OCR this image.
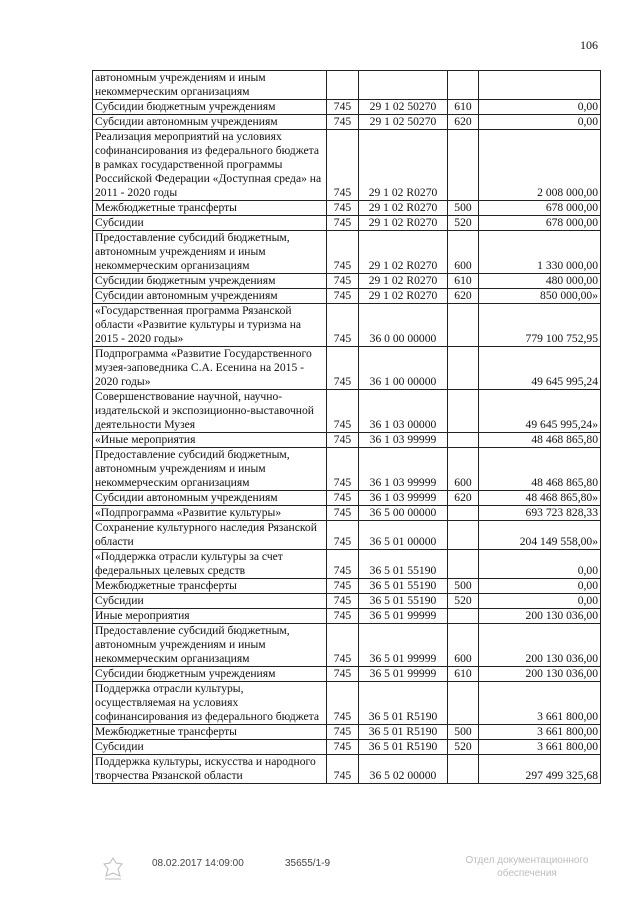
106
автономным учреждениям и иным некоммерческим организациям				
Субсидии бюджетным учреждениям	745	29 1 02 50270	610	0,00
Субсидии автономным учреждениям	745	29 1 02 50270	620	0,00
Реализация мероприятий на условиях софинансирования из федерального бюджета в рамках государственной программы Российской Федерации «Доступная среда» на 2011 - 2020 годы	745	29 1 02 R0270		2 008 000,00
Межбюджетные трансферты	745	29 1 02 R0270	500	678 000,00
Субсидии	745	29 1 02 R0270	520	678 000,00
Предоставление субсидий бюджетным, автономным учреждениям и иным некоммерческим организациям	745	29 1 02 R0270	600	1 330 000,00
Субсидии бюджетным учреждениям	745	29 1 02 R0270	610	480 000,00
Субсидии автономным учреждениям	745	29 1 02 R0270	620	850 000,00»
«Государственная программа Рязанской области «Развитие культуры и туризма на 2015 - 2020 годы»	745	36 0 00 00000		779 100 752,95
Подпрограмма «Развитие Государственного музея-заповедника С.А. Есенина на 2015 - 2020 годы»	745	36 1 00 00000		49 645 995,24
Совершенствование научной, научно-издательской и экспозиционно-выставочной деятельности Музея	745	36 1 03 00000		49 645 995,24»
«Иные мероприятия	745	36 1 03 99999		48 468 865,80
Предоставление субсидий бюджетным, автономным учреждениям и иным некоммерческим организациям	745	36 1 03 99999	600	48 468 865,80
Субсидии автономным учреждениям	745	36 1 03 99999	620	48 468 865,80»
«Подпрограмма «Развитие культуры»	745	36 5 00 00000		693 723 828,33
Сохранение культурного наследия Рязанской области	745	36 5 01 00000		204 149 558,00»
«Поддержка отрасли культуры за счет федеральных целевых средств	745	36 5 01 55190		0,00
Межбюджетные трансферты	745	36 5 01 55190	500	0,00
Субсидии	745	36 5 01 55190	520	0,00
Иные мероприятия	745	36 5 01 99999		200 130 036,00
Предоставление субсидий бюджетным, автономным учреждениям и иным некоммерческим организациям	745	36 5 01 99999	600	200 130 036,00
Субсидии бюджетным учреждениям	745	36 5 01 99999	610	200 130 036,00
Поддержка отрасли культуры, осуществляемая на условиях софинансирования из федерального бюджета	745	36 5 01 R5190		3 661 800,00
Межбюджетные трансферты	745	36 5 01 R5190	500	3 661 800,00
Субсидии	745	36 5 01 R5190	520	3 661 800,00
Поддержка культуры, искусства и народного творчества Рязанской области	745	36 5 02 00000		297 499 325,68
08.02.2017 14:09:00	35655/1-9	Отдел документационного
обеспечения
